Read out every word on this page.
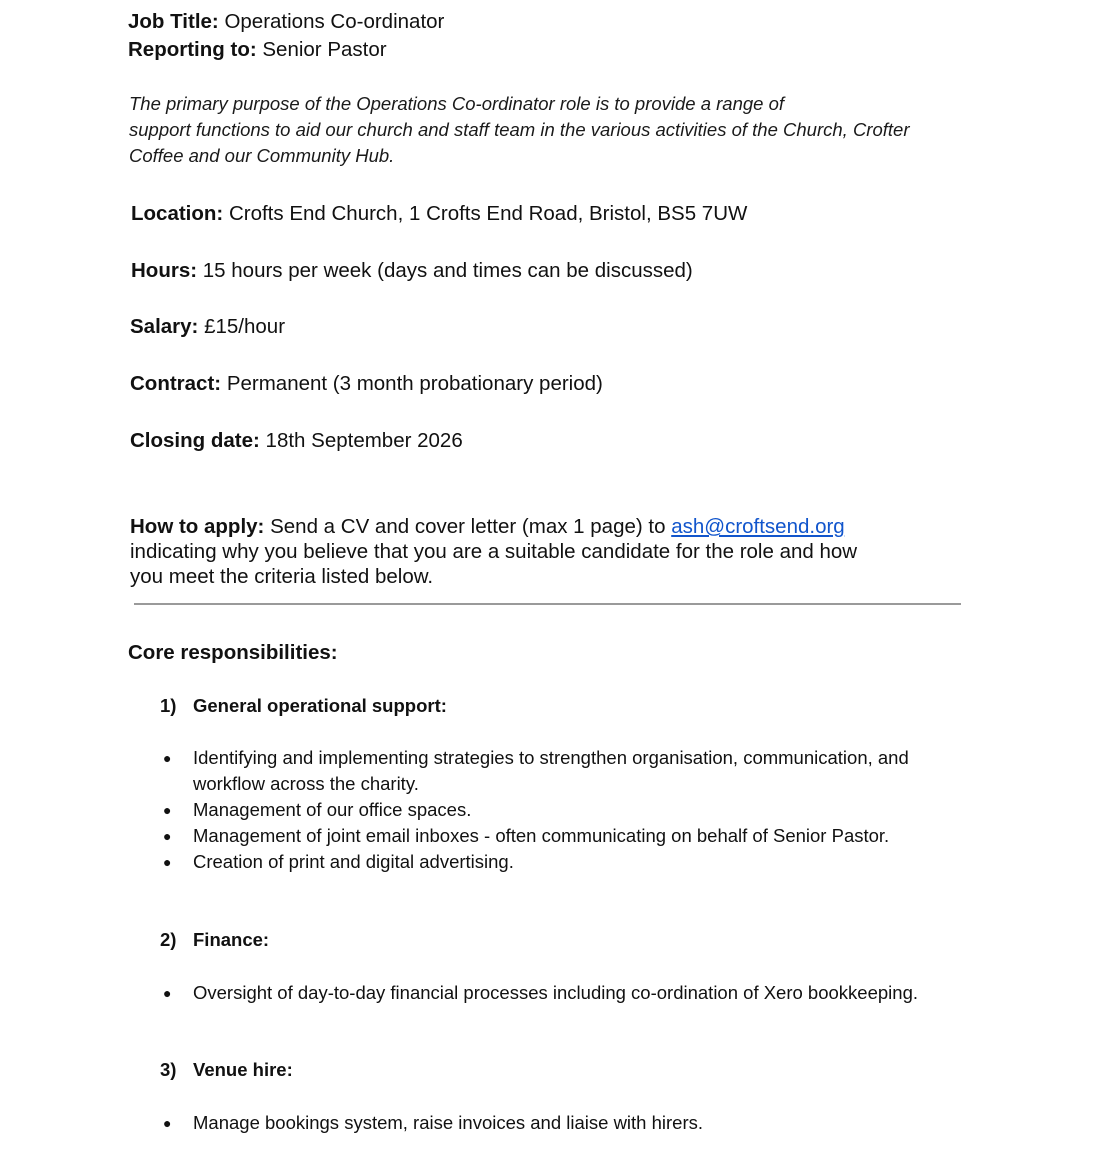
Job Title: Operations Co-ordinator
Reporting to: Senior Pastor
The primary purpose of the Operations Co-ordinator role is to provide a range of
support functions to aid our church and staff team in the various activities of the Church, Crofter
Coffee and our Community Hub.
Location: Crofts End Church, 1 Crofts End Road, Bristol, BS5 7UW
Hours: 15 hours per week (days and times can be discussed)
Salary: £15/hour
Contract: Permanent (3 month probationary period)
Closing date: 18th September 2026
How to apply: Send a CV and cover letter (max 1 page) to ash@croftsend.org
indicating why you believe that you are a suitable candidate for the role and how
you meet the criteria listed below.
Core responsibilities:
1) General operational support:
● Identifying and implementing strategies to strengthen organisation, communication, and
workflow across the charity.
● Management of our office spaces.
● Management of joint email inboxes - often communicating on behalf of Senior Pastor.
● Creation of print and digital advertising.
2) Finance:
● Oversight of day-to-day financial processes including co-ordination of Xero bookkeeping.
3) Venue hire:
● Manage bookings system, raise invoices and liaise with hirers.
